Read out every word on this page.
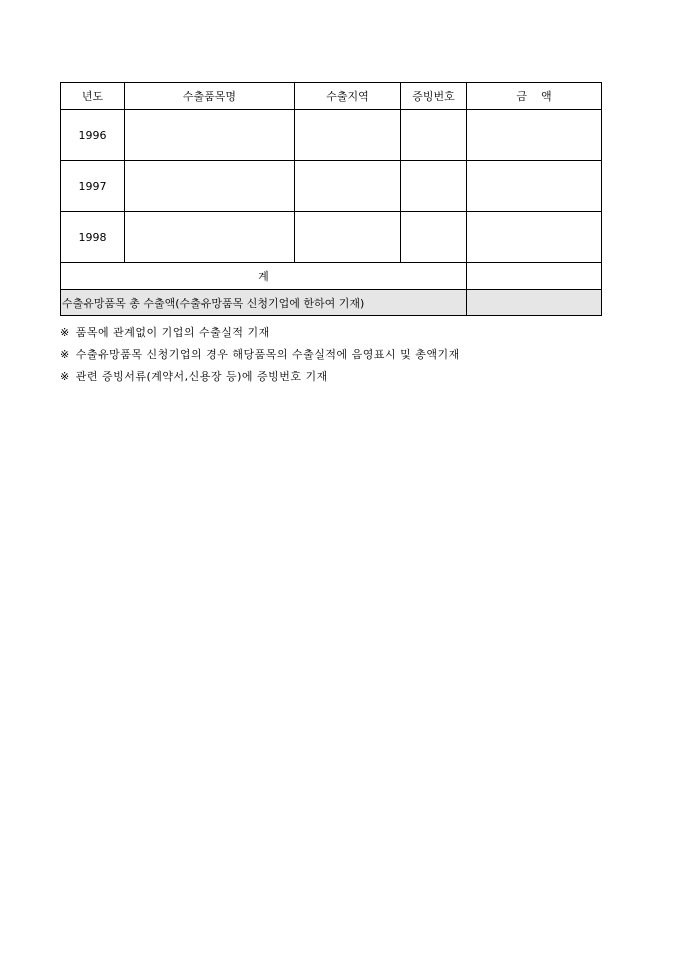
년도	수출품목명	수출지역	증빙번호	금    액
1996				
1997				
1998				
계				
수출유망품목 총 수출액(수출유망품목 신청기업에 한하여 기재)				
※ 품목에 관계없이 기업의 수출실적 기재
※ 수출유망품목 신청기업의 경우 해당품목의 수출실적에 음영표시 및 총액기재
※ 관련 증빙서류(계약서,신용장 등)에 증빙번호 기재
